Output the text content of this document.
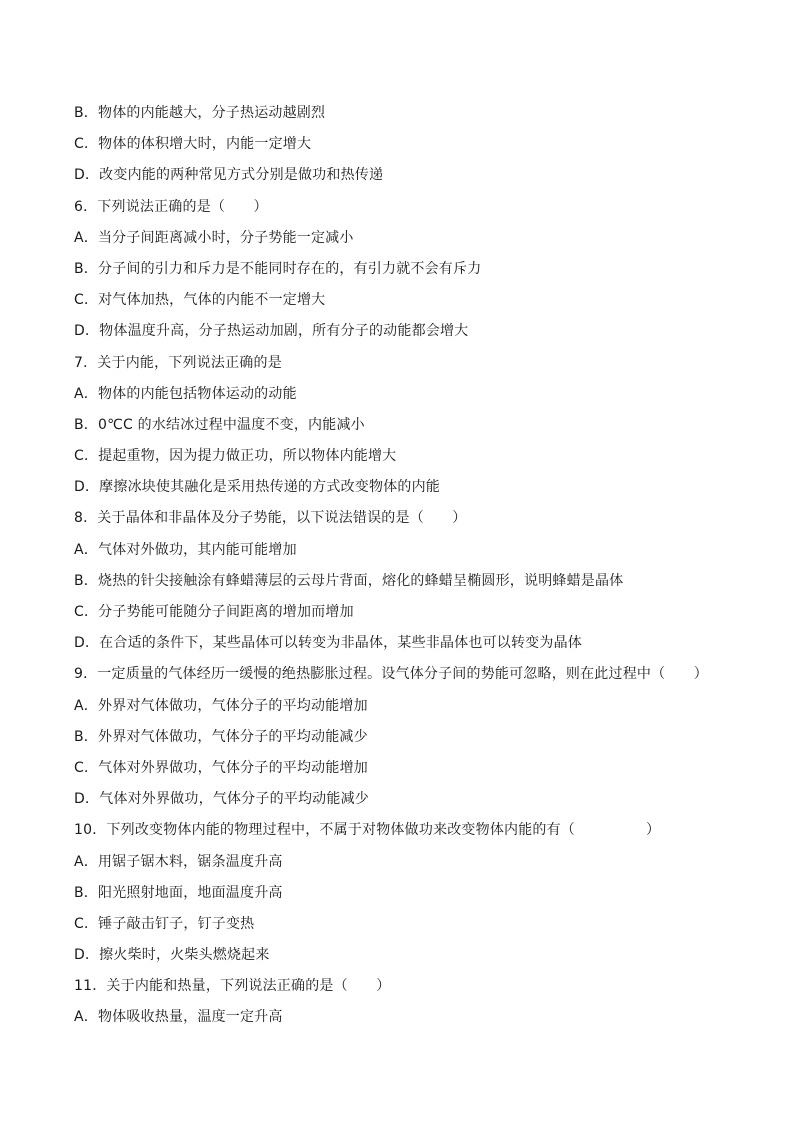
B．物体的内能越大，分子热运动越剧烈
C．物体的体积增大时，内能一定增大
D．改变内能的两种常见方式分别是做功和热传递
6．下列说法正确的是（　　）
A．当分子间距离减小时，分子势能一定减小
B．分子间的引力和斥力是不能同时存在的，有引力就不会有斥力
C．对气体加热，气体的内能不一定增大
D．物体温度升高，分子热运动加剧，所有分子的动能都会增大
7．关于内能，下列说法正确的是
A．物体的内能包括物体运动的动能
B．0℃C 的水结冰过程中温度不变，内能减小
C．提起重物，因为提力做正功，所以物体内能增大
D．摩擦冰块使其融化是采用热传递的方式改变物体的内能
8．关于晶体和非晶体及分子势能，以下说法错误的是（　　）
A．气体对外做功，其内能可能增加
B．烧热的针尖接触涂有蜂蜡薄层的云母片背面，熔化的蜂蜡呈椭圆形，说明蜂蜡是晶体
C．分子势能可能随分子间距离的增加而增加
D．在合适的条件下，某些晶体可以转变为非晶体，某些非晶体也可以转变为晶体
9．一定质量的气体经历一缓慢的绝热膨胀过程。设气体分子间的势能可忽略，则在此过程中（　　）
A．外界对气体做功，气体分子的平均动能增加
B．外界对气体做功，气体分子的平均动能减少
C．气体对外界做功，气体分子的平均动能增加
D．气体对外界做功，气体分子的平均动能减少
10．下列改变物体内能的物理过程中，不属于对物体做功来改变物体内能的有（　　　　　）
A．用锯子锯木料，锯条温度升高
B．阳光照射地面，地面温度升高
C．锤子敲击钉子，钉子变热
D．擦火柴时，火柴头燃烧起来
11．关于内能和热量，下列说法正确的是（　　）
A．物体吸收热量，温度一定升高
